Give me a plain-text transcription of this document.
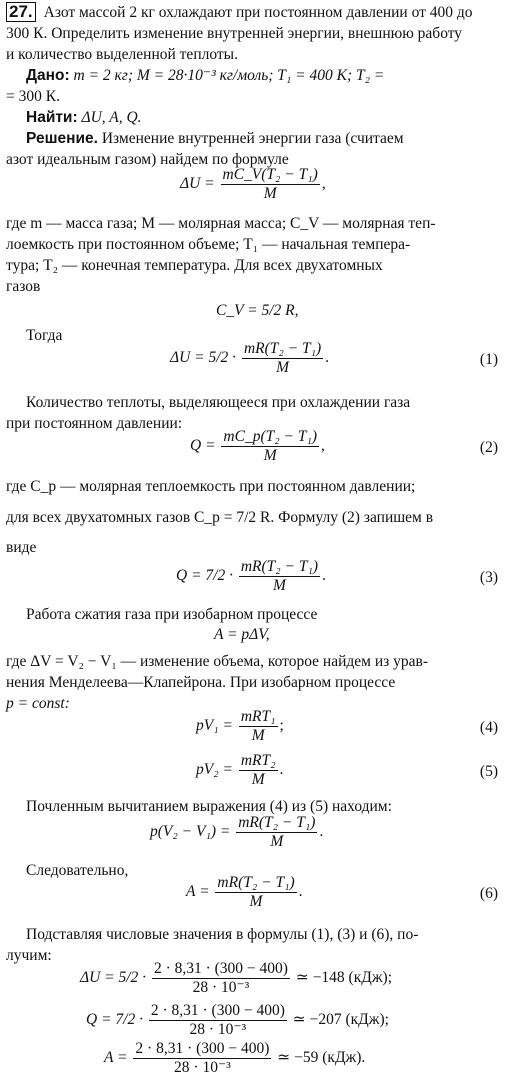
27. Азот массой 2 кг охлаждают при постоянном давлении от 400 до
300 К. Определить изменение внутренней энергии, внешнюю работу
и количество выделенной теплоты.
Дано: m = 2 кг; M = 28·10⁻³ кг/моль; T₁ = 400 К; T₂ =
= 300 К.
Найти: ΔU, A, Q.
Решение. Изменение внутренней энергии газа (считаем
азот идеальным газом) найдем по формуле
$\Delta U = \frac{\text{mC\_V(T₂ − T₁)}}{M}$ ,
где m — масса газа; M — молярная масса; C_V — молярная теп-
лоемкость при постоянном объеме; T₁ — начальная темпера-
тура; T₂ — конечная температура. Для всех двухатомных
газов
C_V = 5/2 R,
Тогда
$\Delta U = 5/2 \cdot \frac{\text{mR(T₂ − T₁)}}{M}$ .	(1)
Количество теплоты, выделяющееся при охлаждении газа
при постоянном давлении:
$Q = \frac{\text{mC\_p(T₂ − T₁)}}{M}$ ,	(2)
где C_p — молярная теплоемкость при постоянном давлении;
для всех двухатомных газов C_p = 7/2 R. Формулу (2) запишем в
виде
$Q = 7/2 \cdot \frac{\text{mR(T₂ − T₁)}}{M}$ .	(3)
Работа сжатия газа при изобарном процессе
A = pΔV,
где ΔV = V₂ − V₁ — изменение объема, которое найдем из урав-
нения Менделеева—Клапейрона. При изобарном процессе
p = const:
$pV_1 = \frac{\text{mRT₁}}{M}$ ;	(4)
$pV_2 = \frac{\text{mRT₂}}{M}$ .	(5)
Почленным вычитанием выражения (4) из (5) находим:
$p(V_2 - V_1) = \frac{\text{mR(T₂ − T₁)}}{M}$ .
Следовательно,
$A = \frac{\text{mR(T₂ − T₁)}}{M}$ .	(6)
Подставляя числовые значения в формулы (1), (3) и (6), по-
лучим:
$\Delta U = 5/2 \cdot \frac{2 \cdot 8,31 \cdot (300 - 400)}{\text{28 · 10⁻³}}$ ≃ −148 (кДж);
$Q = 7/2 \cdot \frac{2 \cdot 8,31 \cdot (300 - 400)}{\text{28 · 10⁻³}}$ ≃ −207 (кДж);
$A = \frac{2 \cdot 8,31 \cdot (300 - 400)}{\text{28 · 10⁻³}}$ ≃ −59 (кДж).
